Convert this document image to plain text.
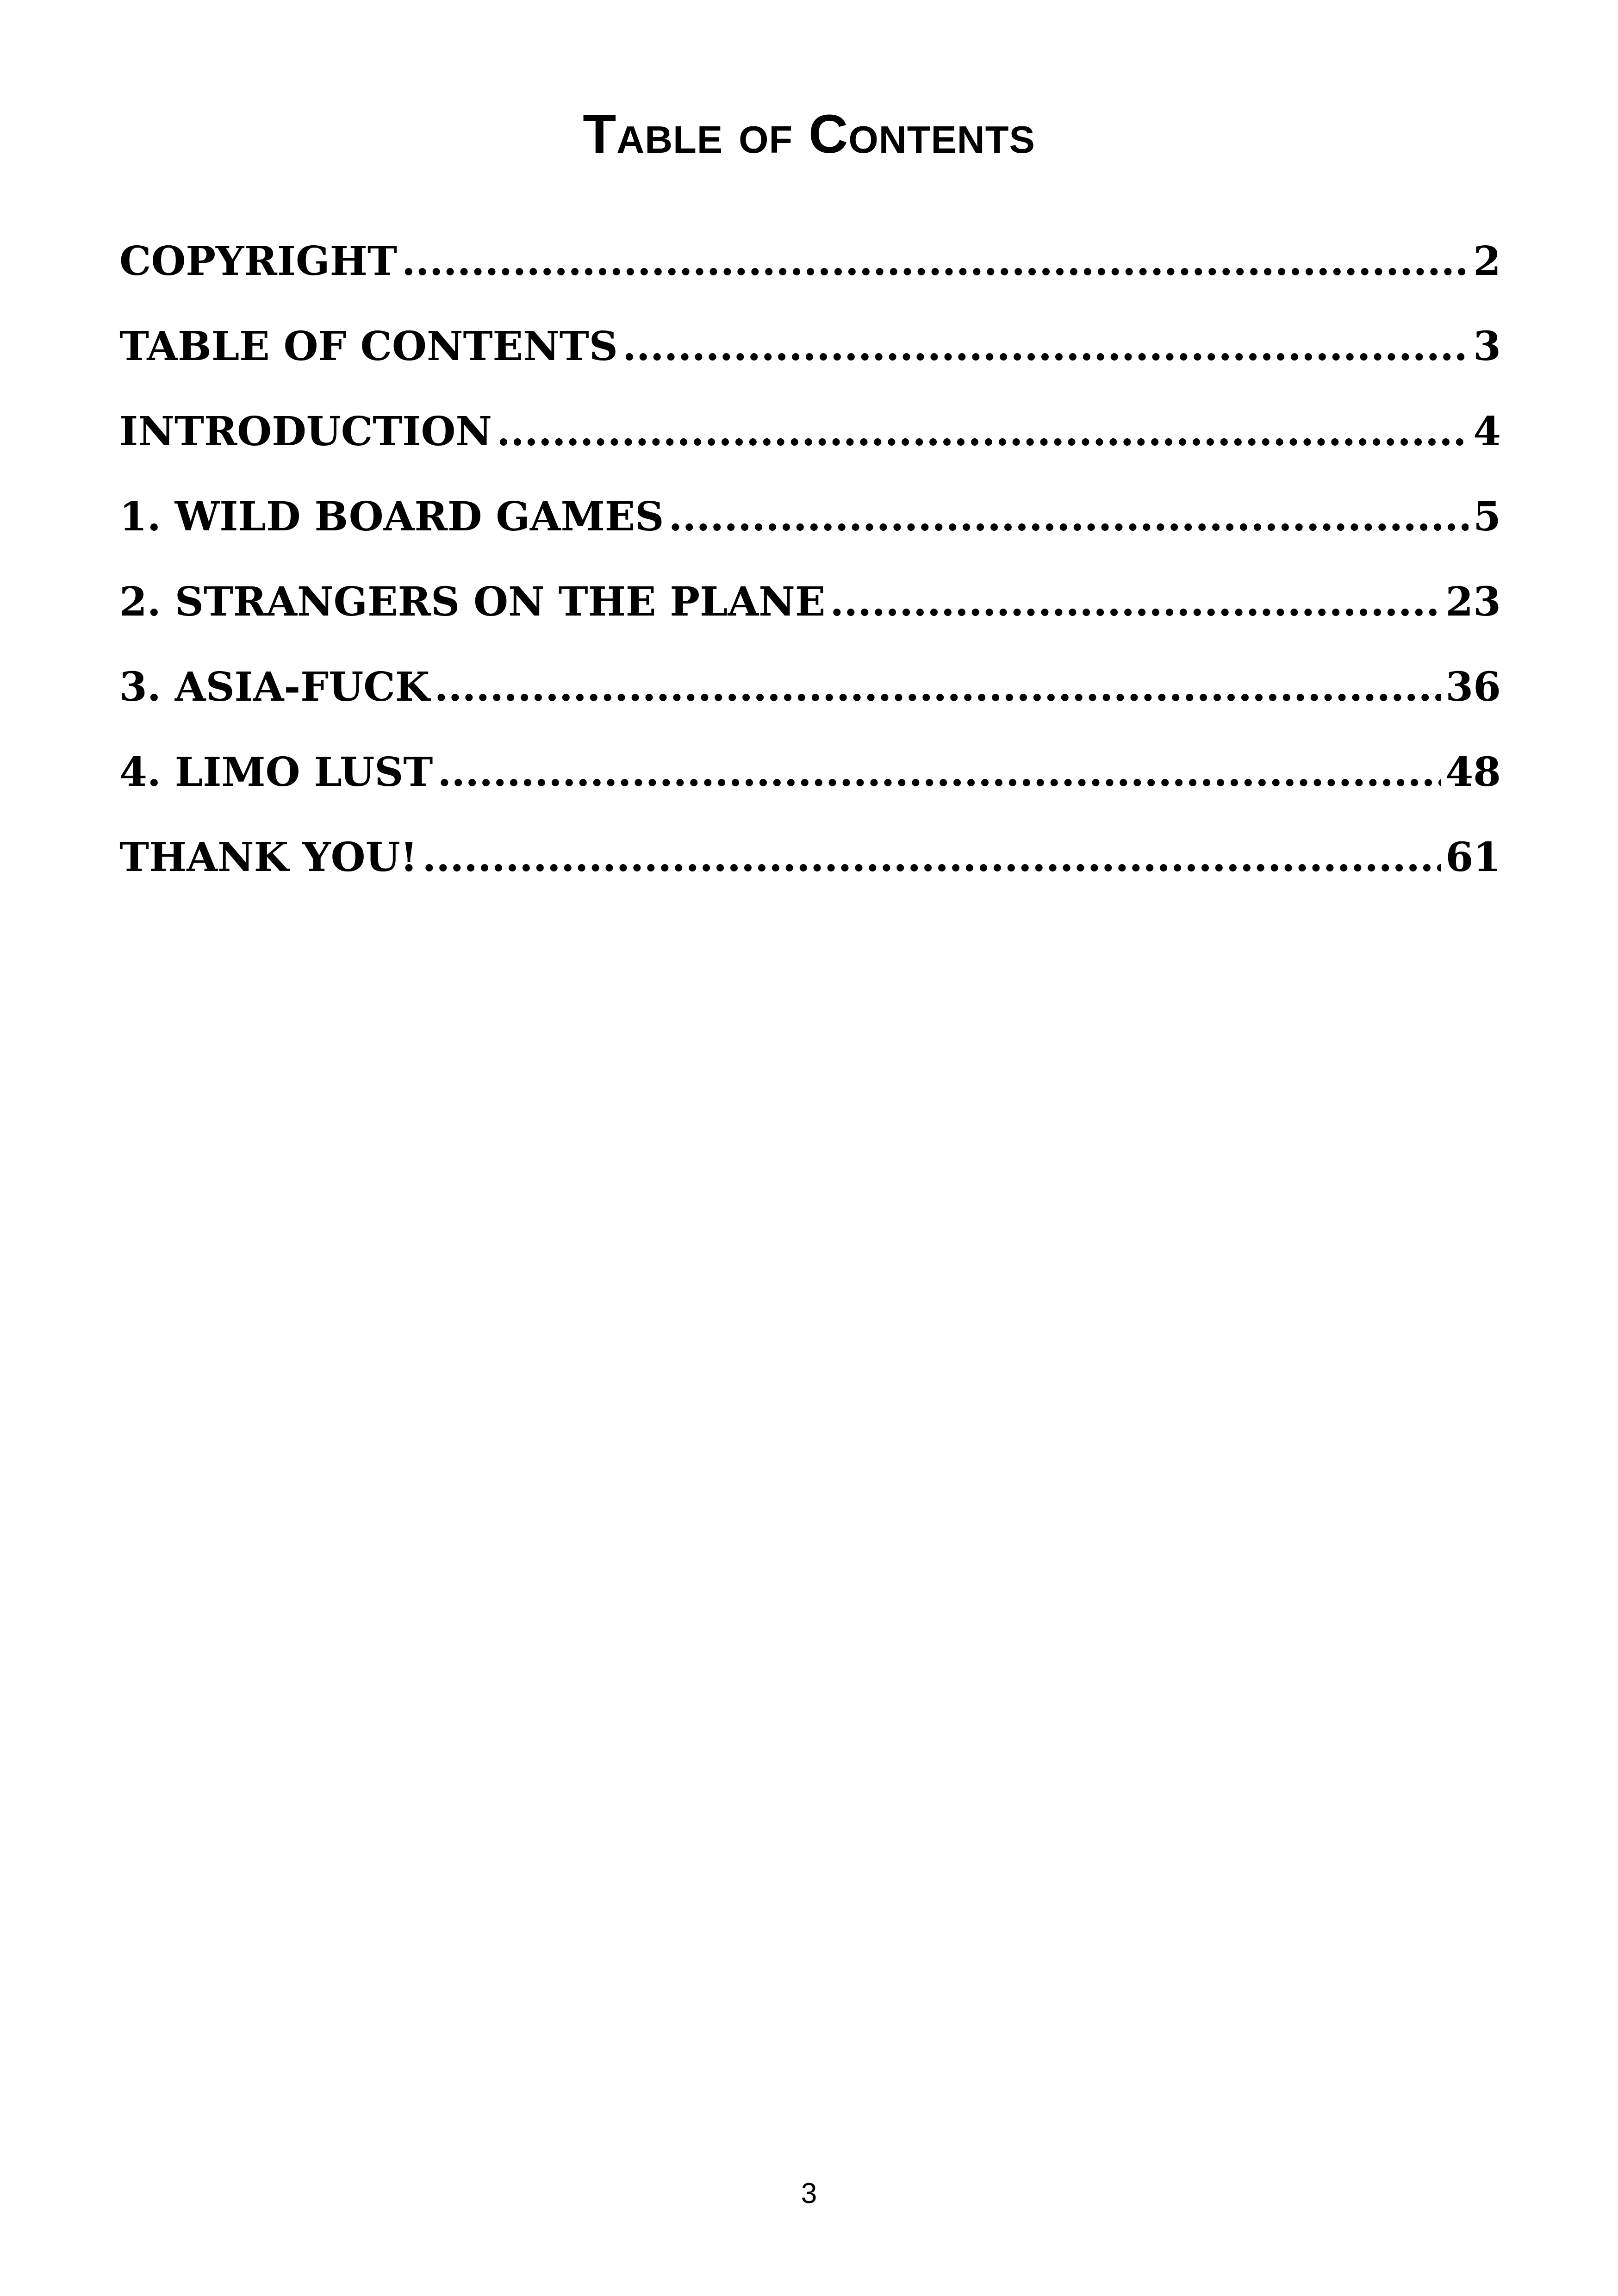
Table of Contents
COPYRIGHT .....	2
TABLE OF CONTENTS .....	3
INTRODUCTION .....	4
1. WILD BOARD GAMES .....	5
2. STRANGERS ON THE PLANE .....	23
3. ASIA-FUCK .....	36
4. LIMO LUST .....	48
THANK YOU! .....	61
3
